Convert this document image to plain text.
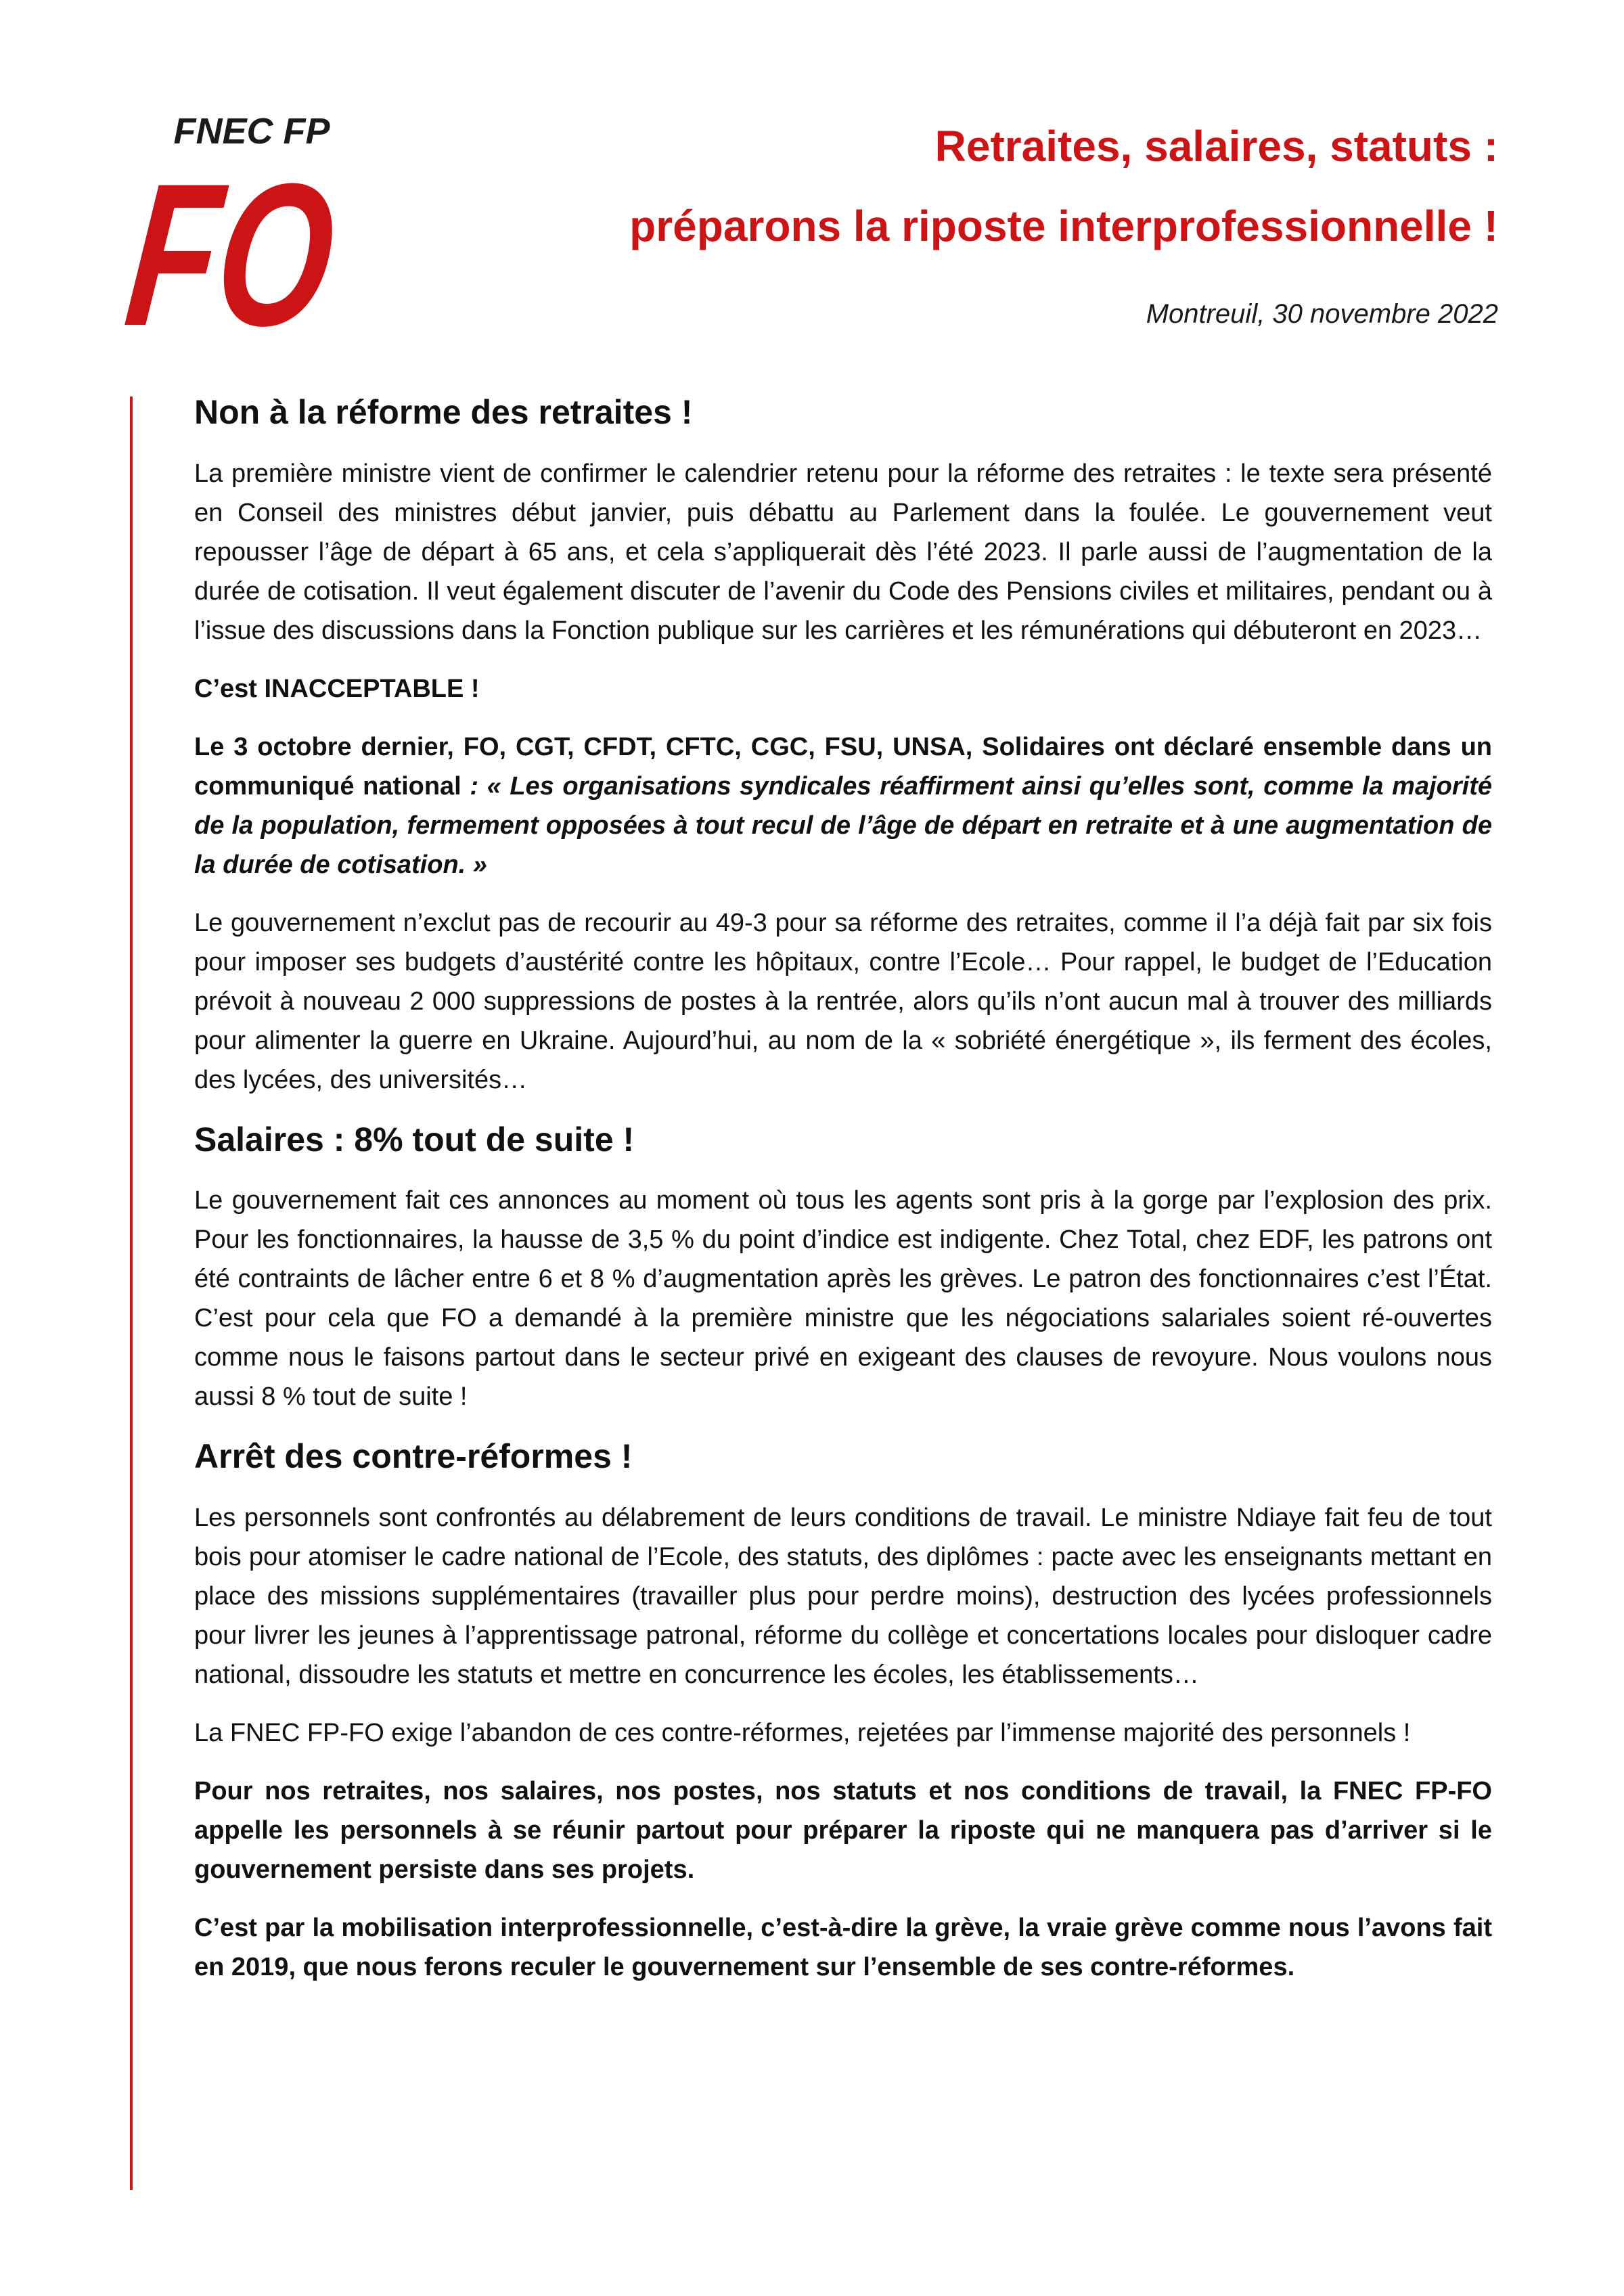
FNEC FP
FO	Retraites, salaires, statuts :
préparons la riposte interprofessionnelle !
Montreuil, 30 novembre 2022
Non à la réforme des retraites !

La première ministre vient de confirmer le calendrier retenu pour la réforme des retraites : le texte sera présenté en Conseil des ministres début janvier, puis débattu au Parlement dans la foulée. Le gouvernement veut repousser l’âge de départ à 65 ans, et cela s’appliquerait dès l’été 2023. Il parle aussi de l’augmentation de la durée de cotisation. Il veut également discuter de l’avenir du Code des Pensions civiles et militaires, pendant ou à l’issue des discussions dans la Fonction publique sur les carrières et les rémunérations qui débuteront en 2023…

C’est INACCEPTABLE !

Le 3 octobre dernier, FO, CGT, CFDT, CFTC, CGC, FSU, UNSA, Solidaires ont déclaré ensemble dans un communiqué national : « Les organisations syndicales réaffirment ainsi qu’elles sont, comme la majorité de la population, fermement opposées à tout recul de l’âge de départ en retraite et à une augmentation de la durée de cotisation. »

Le gouvernement n’exclut pas de recourir au 49-3 pour sa réforme des retraites, comme il l’a déjà fait par six fois pour imposer ses budgets d’austérité contre les hôpitaux, contre l’Ecole… Pour rappel, le budget de l’Education prévoit à nouveau 2 000 suppressions de postes à la rentrée, alors qu’ils n’ont aucun mal à trouver des milliards pour alimenter la guerre en Ukraine. Aujourd’hui, au nom de la « sobriété énergétique », ils ferment des écoles, des lycées, des universités…

Salaires : 8% tout de suite !

Le gouvernement fait ces annonces au moment où tous les agents sont pris à la gorge par l’explosion des prix. Pour les fonctionnaires, la hausse de 3,5 % du point d’indice est indigente. Chez Total, chez EDF, les patrons ont été contraints de lâcher entre 6 et 8 % d’augmentation après les grèves. Le patron des fonctionnaires c’est l’État. C’est pour cela que FO a demandé à la première ministre que les négociations salariales soient ré-ouvertes comme nous le faisons partout dans le secteur privé en exigeant des clauses de revoyure. Nous voulons nous aussi 8 % tout de suite !

Arrêt des contre-réformes !

Les personnels sont confrontés au délabrement de leurs conditions de travail. Le ministre Ndiaye fait feu de tout bois pour atomiser le cadre national de l’Ecole, des statuts, des diplômes : pacte avec les enseignants mettant en place des missions supplémentaires (travailler plus pour perdre moins), destruction des lycées professionnels pour livrer les jeunes à l’apprentissage patronal, réforme du collège et concertations locales pour disloquer cadre national, dissoudre les statuts et mettre en concurrence les écoles, les établissements…

La FNEC FP-FO exige l’abandon de ces contre-réformes, rejetées par l’immense majorité des personnels !

Pour nos retraites, nos salaires, nos postes, nos statuts et nos conditions de travail, la FNEC FP-FO appelle les personnels à se réunir partout pour préparer la riposte qui ne manquera pas d’arriver si le gouvernement persiste dans ses projets.

C’est par la mobilisation interprofessionnelle, c’est-à-dire la grève, la vraie grève comme nous l’avons fait en 2019, que nous ferons reculer le gouvernement sur l’ensemble de ses contre-réformes.
